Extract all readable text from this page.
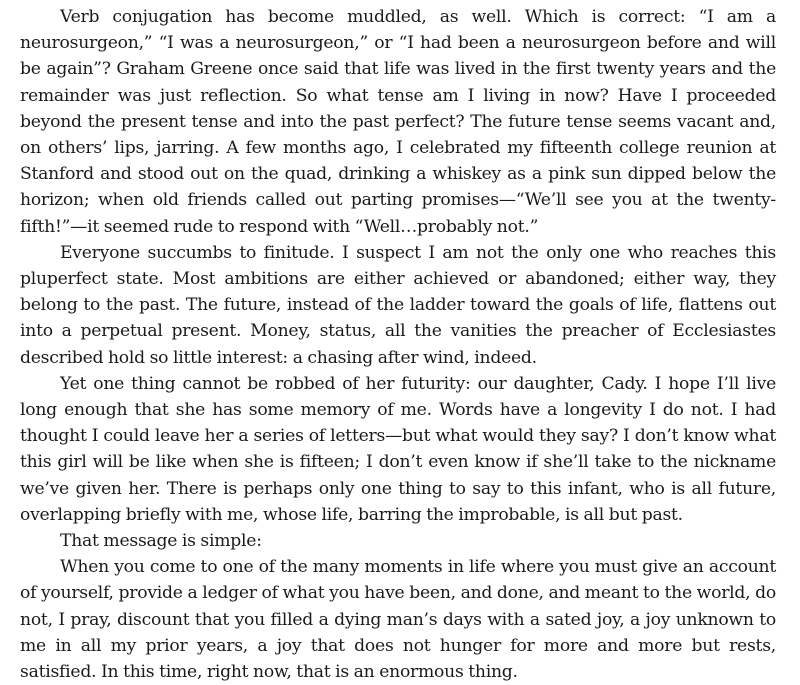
Verb conjugation has become muddled, as well. Which is correct: “I am a neurosurgeon,” “I was a neurosurgeon,” or “I had been a neurosurgeon before and will be again”? Graham Greene once said that life was lived in the first twenty years and the remainder was just reflection. So what tense am I living in now? Have I proceeded beyond the present tense and into the past perfect? The future tense seems vacant and, on others’ lips, jarring. A few months ago, I celebrated my fifteenth college reunion at Stanford and stood out on the quad, drinking a whiskey as a pink sun dipped below the horizon; when old friends called out parting promises—“We’ll see you at the twenty-fifth!”—it seemed rude to respond with “Well…probably not.”

Everyone succumbs to finitude. I suspect I am not the only one who reaches this pluperfect state. Most ambitions are either achieved or abandoned; either way, they belong to the past. The future, instead of the ladder toward the goals of life, flattens out into a perpetual present. Money, status, all the vanities the preacher of Ecclesiastes described hold so little interest: a chasing after wind, indeed.

Yet one thing cannot be robbed of her futurity: our daughter, Cady. I hope I’ll live long enough that she has some memory of me. Words have a longevity I do not. I had thought I could leave her a series of letters—but what would they say? I don’t know what this girl will be like when she is fifteen; I don’t even know if she’ll take to the nickname we’ve given her. There is perhaps only one thing to say to this infant, who is all future, overlapping briefly with me, whose life, barring the improbable, is all but past.

That message is simple:

When you come to one of the many moments in life where you must give an account of yourself, provide a ledger of what you have been, and done, and meant to the world, do not, I pray, discount that you filled a dying man’s days with a sated joy, a joy unknown to me in all my prior years, a joy that does not hunger for more and more but rests, satisfied. In this time, right now, that is an enormous thing.
